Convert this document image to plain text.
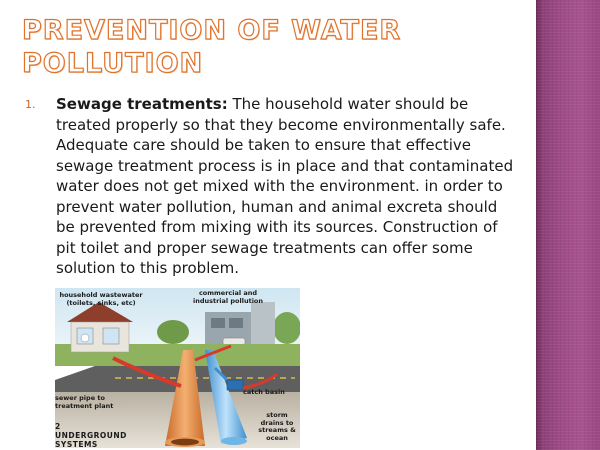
PREVENTION OF WATER POLLUTION
1. Sewage treatments: The household water should be treated properly so that they become environmentally safe. Adequate care should be taken to ensure that effective sewage treatment process is in place and that contaminated water does not get mixed with the environment. in order to prevent water pollution, human and animal excreta should be prevented from mixing with its sources. Construction of pit toilet and proper sewage treatments can offer some solution to this problem.

household wastewater (toilets, sinks, etc)
commercial and industrial pollution
sewer pipe to treatment plant
catch basin
storm drains to streams & ocean
2 UNDERGROUND SYSTEMS
